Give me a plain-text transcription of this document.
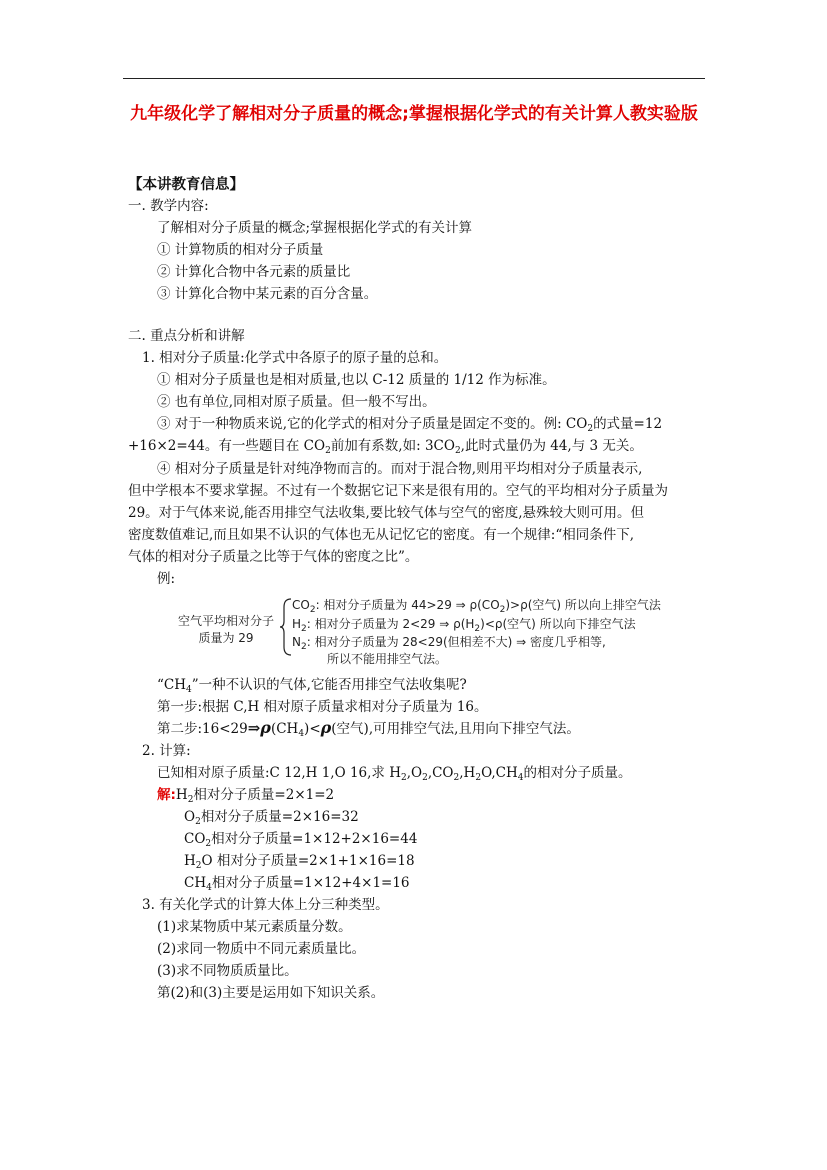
九年级化学了解相对分子质量的概念;掌握根据化学式的有关计算人教实验版
【本讲教育信息】
一. 教学内容:
了解相对分子质量的概念;掌握根据化学式的有关计算
① 计算物质的相对分子质量
② 计算化合物中各元素的质量比
③ 计算化合物中某元素的百分含量。
二. 重点分析和讲解
1. 相对分子质量:化学式中各原子的原子量的总和。
① 相对分子质量也是相对质量,也以 C-12 质量的 1/12 作为标准。
② 也有单位,同相对原子质量。但一般不写出。
③ 对于一种物质来说,它的化学式的相对分子质量是固定不变的。例: $CO_2$的式量=12
+16×2=44。有一些题目在 $CO_2$前加有系数,如: $3CO_2$,此时式量仍为 44,与 3 无关。
④ 相对分子质量是针对纯净物而言的。而对于混合物,则用平均相对分子质量表示,
但中学根本不要求掌握。不过有一个数据它记下来是很有用的。空气的平均相对分子质量为
29。对于气体来说,能否用排空气法收集,要比较气体与空气的密度,悬殊较大则可用。但
密度数值难记,而且如果不认识的气体也无从记忆它的密度。有一个规律:“相同条件下,
气体的相对分子质量之比等于气体的密度之比”。
例:
空气平均相对分子
质量为 29
$CO_2$: 相对分子质量为 44>29 ⇒ $\rho(CO_2)>\rho$(空气) 所以向上排空气法
$H_2$: 相对分子质量为 2<29 ⇒ $\rho(H_2)<\rho$(空气) 所以向下排空气法
$N_2$: 相对分子质量为 28<29(但相差不大) ⇒ 密度几乎相等,
所以不能用排空气法。
“$CH_4$”一种不认识的气体,它能否用排空气法收集呢?
第一步:根据 C,H 相对原子质量求相对分子质量为 16。
第二步$:16<29\Rightarrow\rho(CH_4)<\rho$(空气),可用排空气法,且用向下排空气法。
2. 计算:
已知相对原子质量:C 12,H 1,O 16,求 $H_2,O_2,CO_2,H_2O,CH_4$的相对分子质量。
解$:H_2$相对分子质量=2×1=2
$O_2$相对分子质量=2×16=32
$CO_2$相对分子质量=1×12+2×16=44
$H_2O$ 相对分子质量=2×1+1×16=18
$CH_4$相对分子质量=1×12+4×1=16
3. 有关化学式的计算大体上分三种类型。
(1)求某物质中某元素质量分数。
(2)求同一物质中不同元素质量比。
(3)求不同物质质量比。
第(2)和(3)主要是运用如下知识关系。
